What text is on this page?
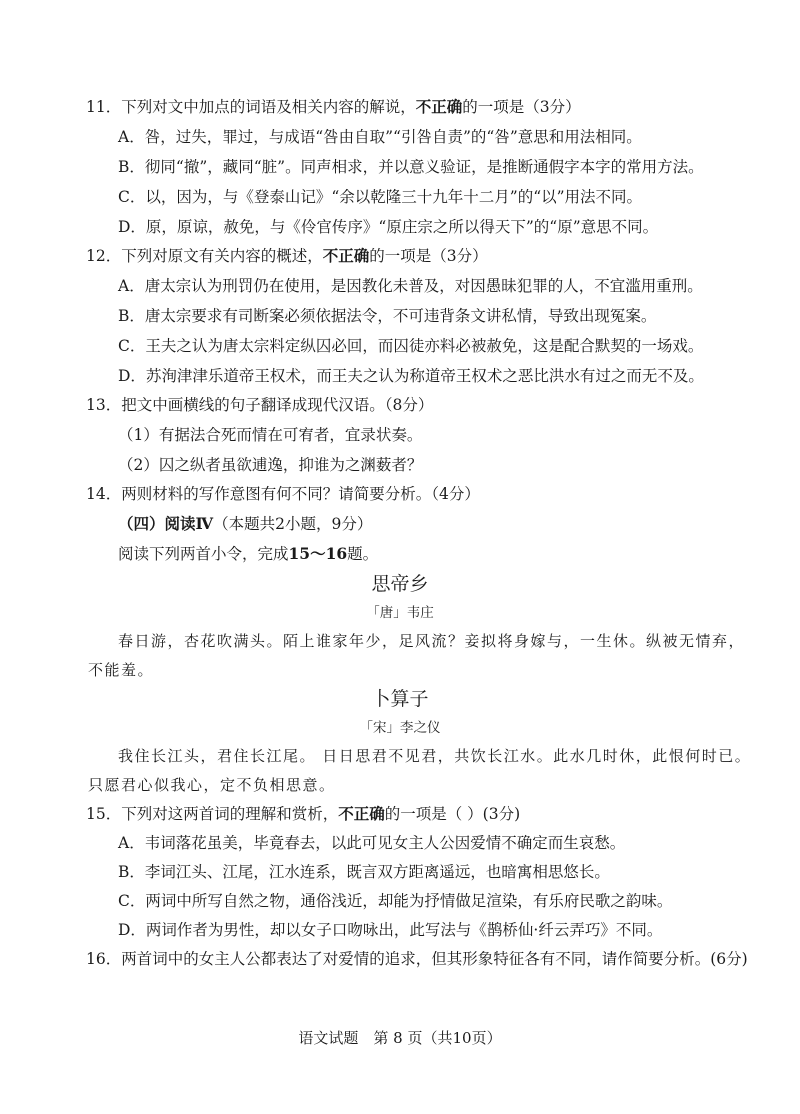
11．下列对文中加点的词语及相关内容的解说，不正确的一项是（3分）
A．咎，过失，罪过，与成语“咎由自取”“引咎自责”的“咎”意思和用法相同。
B．彻同“撤”，藏同“脏”。同声相求，并以意义验证，是推断通假字本字的常用方法。
C．以，因为，与《登泰山记》“余以乾隆三十九年十二月”的“以”用法不同。
D．原，原谅，赦免，与《伶官传序》“原庄宗之所以得天下”的“原”意思不同。
12．下列对原文有关内容的概述，不正确的一项是（3分）
A．唐太宗认为刑罚仍在使用，是因教化未普及，对因愚昧犯罪的人，不宜滥用重刑。
B．唐太宗要求有司断案必须依据法令，不可违背条文讲私情，导致出现冤案。
C．王夫之认为唐太宗料定纵囚必回，而囚徒亦料必被赦免，这是配合默契的一场戏。
D．苏洵津津乐道帝王权术，而王夫之认为称道帝王权术之恶比洪水有过之而无不及。
13．把文中画横线的句子翻译成现代汉语。（8分）
（1）有据法合死而情在可宥者，宜录状奏。
（2）囚之纵者虽欲逋逸，抑谁为之渊薮者？
14．两则材料的写作意图有何不同？请简要分析。（4分）
（四）阅读Ⅳ（本题共2小题，9分）
阅读下列两首小令，完成15～16题。
思帝乡
「唐」韦庄
春日游，杏花吹满头。陌上谁家年少，足风流？妾拟将身嫁与，一生休。纵被无情弃，
不能羞。
卜算子
「宋」李之仪
我住长江头，君住长江尾。 日日思君不见君，共饮长江水。此水几时休，此恨何时已。
只愿君心似我心，定不负相思意。
15．下列对这两首词的理解和赏析，不正确的一项是（ ）(3分)
A．韦词落花虽美，毕竟春去，以此可见女主人公因爱情不确定而生哀愁。
B．李词江头、江尾，江水连系，既言双方距离遥远，也暗寓相思悠长。
C．两词中所写自然之物，通俗浅近，却能为抒情做足渲染，有乐府民歌之韵味。
D．两词作者为男性，却以女子口吻咏出，此写法与《鹊桥仙·纤云弄巧》不同。
16．两首词中的女主人公都表达了对爱情的追求，但其形象特征各有不同，请作简要分析。(6分)
语文试题　第 8 页（共10页）
